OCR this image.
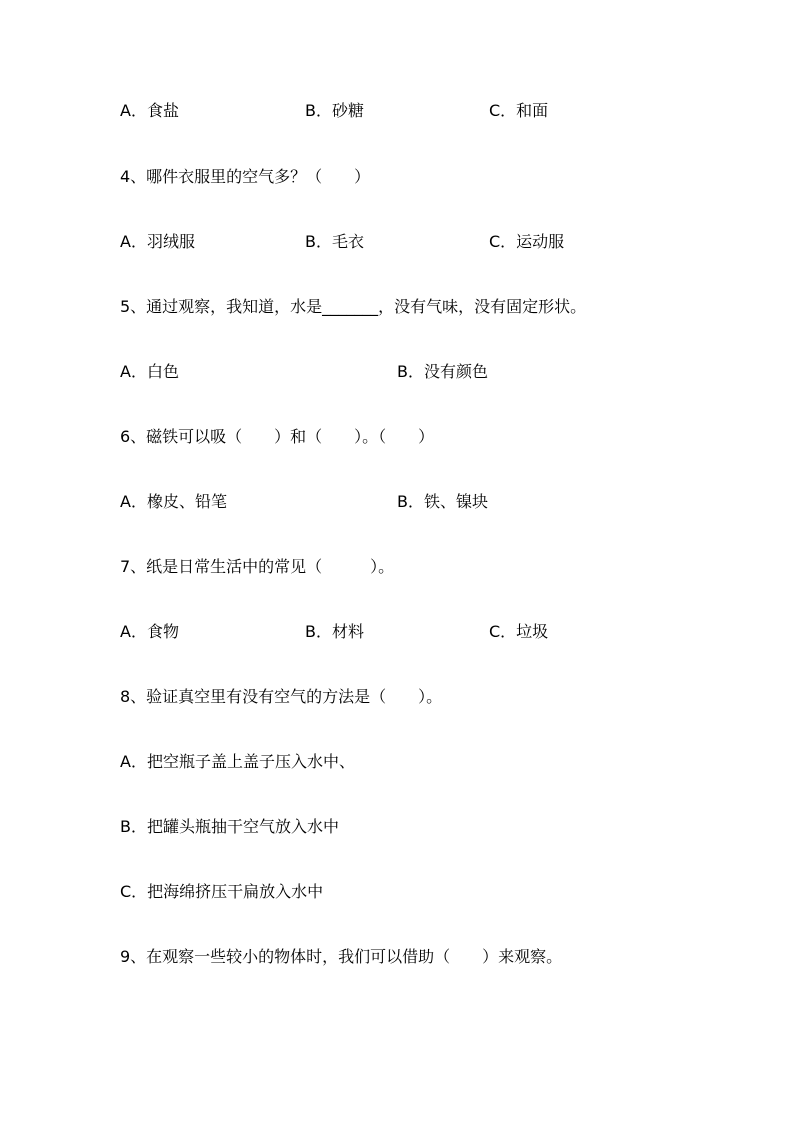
A．食盐	B．砂糖	C．和面
4、哪件衣服里的空气多？（　　）
A．羽绒服	B．毛衣	C．运动服
5、通过观察，我知道，水是_______，没有气味，没有固定形状。
A．白色	B．没有颜色
6、磁铁可以吸（　　）和（　　）。（　　）
A．橡皮、铅笔	B．铁、镍块
7、纸是日常生活中的常见（　　　）。
A．食物	B．材料	C．垃圾
8、验证真空里有没有空气的方法是（　　）。
A．把空瓶子盖上盖子压入水中、
B．把罐头瓶抽干空气放入水中
C．把海绵挤压干扁放入水中
9、在观察一些较小的物体时，我们可以借助（　　）来观察。
